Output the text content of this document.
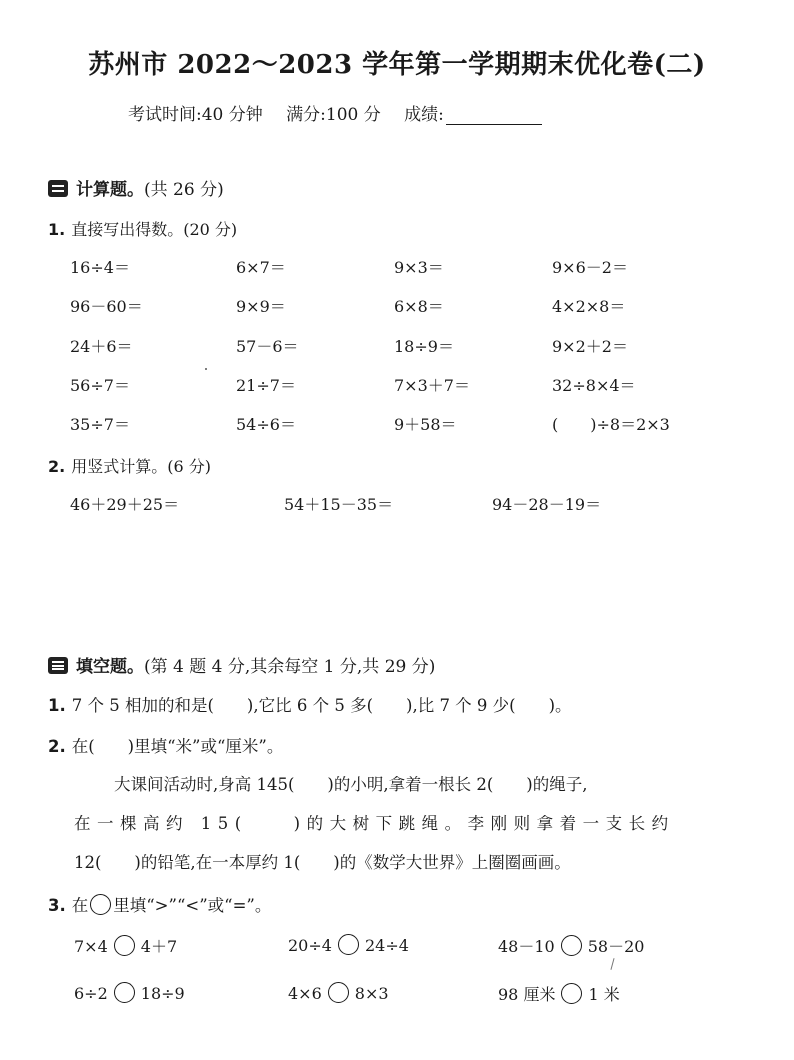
苏州市 2022～2023 学年第一学期期末优化卷(二)
考试时间:40 分钟 满分:100 分 成绩:
计算题。(共 26 分)
1. 直接写出得数。(20 分)
16÷4＝	6×7＝	9×3＝	9×6－2＝
96－60＝	9×9＝	6×8＝	4×2×8＝
24＋6＝	57－6＝	18÷9＝	9×2＋2＝
56÷7＝	21÷7＝	7×3＋7＝	32÷8×4＝
35÷7＝	54÷6＝	9＋58＝	(　　)÷8＝2×3
2. 用竖式计算。(6 分)
46＋29＋25＝	54＋15－35＝	94－28－19＝
填空题。(第 4 题 4 分,其余每空 1 分,共 29 分)
1. 7 个 5 相加的和是(　　),它比 6 个 5 多(　　),比 7 个 9 少(　　)。
2. 在(　　)里填“米”或“厘米”。
大课间活动时,身高 145(　　)的小明,拿着一根长 2(　　)的绳子,
在一棵高约 15(　　)的大树下跳绳。李刚则拿着一支长约
12(　　)的铅笔,在一本厚约 1(　　)的《数学大世界》上圈圈画画。
3. 在 里填“>”“<”或“=”。
7×4 4＋7	20÷4 24÷4	48－10 58－20
6÷2 18÷9	4×6 8×3	98 厘米 1 米
